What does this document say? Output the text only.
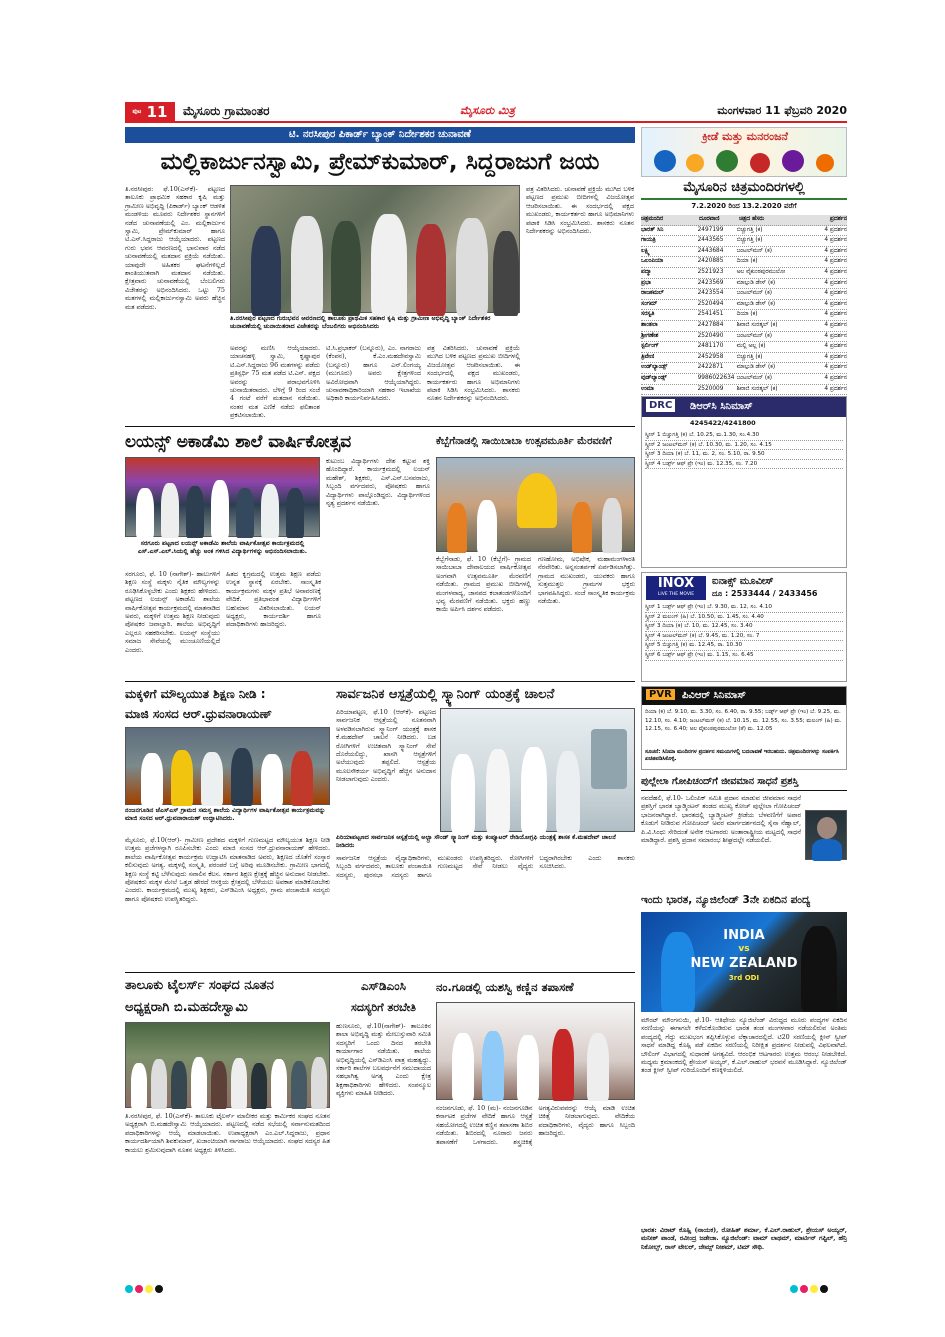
$^{ಪುಟ}$ 11	ಮೈಸೂರು ಗ್ರಾಮಾಂತರ	ಮೈಸೂರು ಮಿತ್ರ	ಮಂಗಳವಾರ 11 ಫೆಬ್ರವರಿ 2020
ಟಿ. ನರಸೀಪುರ ಪಿಕಾರ್ಡ್ ಬ್ಯಾಂಕ್ ನಿರ್ದೇಶಕರ ಚುನಾವಣೆ
ಮಲ್ಲಿಕಾರ್ಜುನಸ್ವಾಮಿ, ಪ್ರೇಮ್‌ಕುಮಾರ್, ಸಿದ್ದರಾಜುಗೆ ಜಯ
ತಿ.ನರಸೀಪುರ: ಫೆ.10(ಎಸ್‌ಕೆ)- ಪಟ್ಟಣದ ತಾಲೂಕು ಪ್ರಾಥಮಿಕ ಸಹಕಾರ ಕೃಷಿ ಮತ್ತು ಗ್ರಾಮೀಣ ಅಭಿವೃದ್ಧಿ (ಪಿಕಾರ್ಡ್) ಬ್ಯಾಂಕ್ ಆಡಳಿತ ಮಂಡಳಿಯ ಮೂವರು ನಿರ್ದೇಶಕರ ಸ್ಥಾನಗಳಿಗೆ ನಡೆದ ಚುನಾವಣೆಯಲ್ಲಿ ಎಂ. ಮಲ್ಲಿಕಾರ್ಜುನ ಸ್ವಾಮಿ, ಪ್ರೇಮ್‌ಕುಮಾರ್ ಹಾಗೂ ಟಿ.ಎಸ್.ಸಿದ್ದರಾಜು ಆಯ್ಕೆಯಾದರು. ಪಟ್ಟಣದ ಗುರು ಭವನ ಆವರಣದಲ್ಲಿ ಭಾನುವಾರ ನಡೆದ ಚುನಾವಣೆಯಲ್ಲಿ ಮತದಾನ ಪ್ರಕ್ರಿಯೆ ನಡೆಯಿತು. ಯಾವುದೇ ಅಹಿತಕರ ಘಟನೆಗಳಿಲ್ಲದೆ ಶಾಂತಿಯುತವಾಗಿ ಮತದಾನ ನಡೆಯಿತು. ಕ್ಷೇತ್ರವಾರು ಚುನಾವಣೆಯಲ್ಲಿ ಬೆಂಬಲಿಗರು ವಿಜೇತರನ್ನು ಅಭಿನಂದಿಸಿದರು. ಒಟ್ಟು 75 ಮತಗಳಲ್ಲಿ ಮಲ್ಲಿಕಾರ್ಜುನಸ್ವಾಮಿ ಅವರು ಹೆಚ್ಚಿನ ಮತ ಪಡೆದರು.
ತಿ.ನರಸೀಪುರ ಪಟ್ಟಣದ ಗುರುಭವನ ಆವರಣದಲ್ಲಿ ತಾಲೂಕು ಪ್ರಾಥಮಿಕ ಸಹಕಾರ ಕೃಷಿ ಮತ್ತು ಗ್ರಾಮೀಣ ಅಭಿವೃದ್ಧಿ ಬ್ಯಾಂಕ್ ನಿರ್ದೇಶಕರ ಚುನಾವಣೆಯಲ್ಲಿ ಚುನಾಯಿತರಾದ ವಿಜೇತರನ್ನು ಬೆಂಬಲಿಗರು ಅಭಿನಂದಿಸಿದರು
ಅವರನ್ನು ಮಣಿಸಿ ಆಯ್ಕೆಯಾದರು. ಯಾಚನಹಳ್ಳಿ ಸ್ವಾಮಿ, ಕೃಷ್ಣಾಪುರ ಟಿ.ಎಸ್.ಸಿದ್ದರಾಜು 96 ಮತಗಳನ್ನು ಪಡೆದು ಪ್ರತಿಸ್ಪರ್ಧಿ 75 ಮತ ಪಡೆದ ಟಿ.ಎಸ್. ಪಕ್ಷದ ಅವರನ್ನು ಪರಾಭವಗೊಳಿಸಿ ಚುನಾಯಿತರಾದರು. ಬೆಳಿಗ್ಗೆ 9 ರಿಂದ ಸಂಜೆ 4 ಗಂಟೆ ವರೆಗೆ ಮತದಾನ ನಡೆಯಿತು. ನಂತರ ಮತ ಎಣಿಕೆ ನಡೆದು ಫಲಿತಾಂಶ ಪ್ರಕಟಿಸಲಾಯಿತು.
ಟಿ.ಸಿ.ಪ್ರಭಾಕರ್ (ಬನ್ನೂರು), ಎಂ. ನಾಗರಾಜು (ಕೆಂಪನ), ಕೆ.ಎಂ.ಮಹದೇವಸ್ವಾಮಿ (ಬನ್ನೂರು) ಹಾಗೂ ಎನ್.ಲಿಂಗಯ್ಯ (ಮುಗೂರು) ಅವರು ಕ್ಷೇತ್ರಗಳಿಂದ ಅವಿರೋಧವಾಗಿ ಆಯ್ಕೆಯಾಗಿದ್ದರು. ಚುನಾವಣಾಧಿಕಾರಿಯಾಗಿ ಸಹಕಾರ ಇಲಾಖೆಯ ಅಧಿಕಾರಿ ಕಾರ್ಯನಿರ್ವಹಿಸಿದರು.
ಪತ್ರ ವಿತರಿಸಿದರು. ಚುನಾವಣೆ ಪ್ರಕ್ರಿಯೆ ಮುಗಿದ ಬಳಿಕ ಪಟ್ಟಣದ ಪ್ರಮುಖ ಬೀದಿಗಳಲ್ಲಿ ವಿಜಯೋತ್ಸವ ಆಚರಿಸಲಾಯಿತು. ಈ ಸಂದರ್ಭದಲ್ಲಿ ಪಕ್ಷದ ಮುಖಂಡರು, ಕಾರ್ಯಕರ್ತರು ಹಾಗೂ ಅಭಿಮಾನಿಗಳು ಪಟಾಕಿ ಸಿಡಿಸಿ ಸಂಭ್ರಮಿಸಿದರು. ಶಾಸಕರು ನೂತನ ನಿರ್ದೇಶಕರನ್ನು ಅಭಿನಂದಿಸಿದರು.
ಪತ್ರ ವಿತರಿಸಿದರು. ಚುನಾವಣೆ ಪ್ರಕ್ರಿಯೆ ಮುಗಿದ ಬಳಿಕ ಪಟ್ಟಣದ ಪ್ರಮುಖ ಬೀದಿಗಳಲ್ಲಿ ವಿಜಯೋತ್ಸವ ಆಚರಿಸಲಾಯಿತು. ಈ ಸಂದರ್ಭದಲ್ಲಿ ಪಕ್ಷದ ಮುಖಂಡರು, ಕಾರ್ಯಕರ್ತರು ಹಾಗೂ ಅಭಿಮಾನಿಗಳು ಪಟಾಕಿ ಸಿಡಿಸಿ ಸಂಭ್ರಮಿಸಿದರು. ಶಾಸಕರು ನೂತನ ನಿರ್ದೇಶಕರನ್ನು ಅಭಿನಂದಿಸಿದರು.
ಲಯನ್ಸ್ ಅಕಾಡೆಮಿ ಶಾಲೆ ವಾರ್ಷಿಕೋತ್ಸವ
ಸರಗೂರು ಪಟ್ಟಣದ ಲಯನ್ಸ್ ಅಕಾಡೆಮಿ ಶಾಲೆಯ ವಾರ್ಷಿಕೋತ್ಸವ ಕಾರ್ಯಕ್ರಮದಲ್ಲಿ ಎಸ್.ಎಸ್.ಎಲ್.ಸಿಯಲ್ಲಿ ಹೆಚ್ಚು ಅಂಕ ಗಳಿಸಿದ ವಿದ್ಯಾರ್ಥಿಗಳನ್ನು ಅಭಿನಂದಿಸಲಾಯಿತು.
ಸರಗೂರು, ಫೆ. 10 (ನಾಗೇಶ್)- ಹಾಲುಗಳಿಗೆ ಶಿಕ್ಷಣ ಸಂಸ್ಥೆ ಮಕ್ಕಳು ನೈತಿಕ ಮೌಲ್ಯಗಳನ್ನು ರೂಢಿಸಿಕೊಳ್ಳಬೇಕು ಎಂದು ಶಿಕ್ಷಕರು ಹೇಳಿದರು. ಪಟ್ಟಣದ ಲಯನ್ಸ್ ಅಕಾಡೆಮಿ ಶಾಲೆಯ ವಾರ್ಷಿಕೋತ್ಸವ ಕಾರ್ಯಕ್ರಮದಲ್ಲಿ ಮಾತನಾಡಿದ ಅವರು, ಮಕ್ಕಳಿಗೆ ಉತ್ತಮ ಶಿಕ್ಷಣ ನೀಡುವುದು ಪೋಷಕರ ಜವಾಬ್ದಾರಿ. ಶಾಲೆಯ ಅಭಿವೃದ್ಧಿಗೆ ಎಲ್ಲರೂ ಸಹಕರಿಸಬೇಕು. ಲಯನ್ಸ್ ಸಂಸ್ಥೆಯು ಸಮಾಜ ಸೇವೆಯಲ್ಲಿ ಮುಂಚೂಣಿಯಲ್ಲಿದೆ ಎಂದರು.
ಹಿತದ ಕೃಗ್ರಮದಲ್ಲಿ ಉತ್ತಮ ಶಿಕ್ಷಣ ಪಡೆದು ಉನ್ನತ ಸ್ಥಾನಕ್ಕೆ ಏರಬೇಕು. ಸಾಂಸ್ಕೃತಿಕ ಕಾರ್ಯಕ್ರಮಗಳು ಮಕ್ಕಳ ಪ್ರತಿಭೆ ಅನಾವರಣಕ್ಕೆ ವೇದಿಕೆ. ಪ್ರತಿಭಾವಂತ ವಿದ್ಯಾರ್ಥಿಗಳಿಗೆ ಬಹುಮಾನ ವಿತರಿಸಲಾಯಿತು. ಲಯನ್ ಅಧ್ಯಕ್ಷರು, ಕಾರ್ಯದರ್ಶಿ ಹಾಗೂ ಪದಾಧಿಕಾರಿಗಳು ಹಾಜರಿದ್ದರು.
ಕುಟುಂಬ ವಿದ್ಯಾರ್ಥಿಗಳು ದೇಶ ಕಟ್ಟುವ ಶಕ್ತಿ ಹೊಂದಿದ್ದಾರೆ. ಕಾರ್ಯಕ್ರಮದಲ್ಲಿ ಲಯನ್ ಮಹೇಶ್, ಶಿಕ್ಷಕರು, ಎಸ್.ಎನ್.ಬಸವರಾಜು, ಸಿಬ್ಬಂದಿ ವರ್ಗದವರು, ಪೋಷಕರು ಹಾಗೂ ವಿದ್ಯಾರ್ಥಿಗಳು ಪಾಲ್ಗೊಂಡಿದ್ದರು. ವಿದ್ಯಾರ್ಥಿಗಳಿಂದ ನೃತ್ಯ ಪ್ರದರ್ಶನ ನಡೆಯಿತು.
ಕೆಬ್ಬೆಗೆನಾಡಲ್ಲಿ ಸಾಯಿಬಾಬಾ ಉತ್ಸವಮೂರ್ತಿ ಮೆರವಣಿಗೆ
ಕೆಬ್ಬೆಗೆನಾಡು, ಫೆ. 10 (ಕೆಬ್ಬೆಗೆ)- ಗ್ರಾಮದ ಸಾಯಿಬಾಬಾ ದೇವಾಲಯದ ವಾರ್ಷಿಕೋತ್ಸವ ಅಂಗವಾಗಿ ಉತ್ಸವಮೂರ್ತಿ ಮೆರವಣಿಗೆ ನಡೆಯಿತು. ಗ್ರಾಮದ ಪ್ರಮುಖ ಬೀದಿಗಳಲ್ಲಿ ಮಂಗಳವಾದ್ಯ, ಜಾನಪದ ಕಲಾತಂಡಗಳೊಂದಿಗೆ ಭವ್ಯ ಮೆರವಣಿಗೆ ನಡೆಯಿತು. ಭಕ್ತರು ಹಣ್ಣು ಕಾಯಿ ಅರ್ಪಿಸಿ ದರ್ಶನ ಪಡೆದರು.
ಗಣಹೋಮ, ಅಭಿಷೇಕ, ಮಹಾಮಂಗಳಾರತಿ ನೆರವೇರಿತು. ಅನ್ನಸಂತರ್ಪಣೆ ಏರ್ಪಡಿಸಲಾಗಿತ್ತು. ಗ್ರಾಮದ ಮುಖಂಡರು, ಯುವಕರು ಹಾಗೂ ಸುತ್ತಮುತ್ತಲ ಗ್ರಾಮಗಳ ಭಕ್ತರು ಭಾಗವಹಿಸಿದ್ದರು. ಸಂಜೆ ಸಾಂಸ್ಕೃತಿಕ ಕಾರ್ಯಕ್ರಮ ನಡೆಯಿತು.
ಮಕ್ಕಳಿಗೆ ಮೌಲ್ಯಯುತ ಶಿಕ್ಷಣ ನೀಡಿ :
ಮಾಜಿ ಸಂಸದ ಆರ್.ಧ್ರುವನಾರಾಯಣ್
ನಂಜನಗೂಡಿನ ಜೆಎಸ್‌ಎಸ್ ಗ್ರಾಮದ ಸಮಸ್ತ ಶಾಲೆಯ ವಿದ್ಯಾರ್ಥಿಗಳ ವಾರ್ಷಿಕೋತ್ಸವ ಕಾರ್ಯಕ್ರಮವನ್ನು ಮಾಜಿ ಸಂಸದ ಆರ್.ಧ್ರುವನಾರಾಯಣ್ ಉದ್ಘಾಟಿಸಿದರು.
ಮೈಸೂರು, ಫೆ.10(ಆರ್)- ಗ್ರಾಮೀಣ ಪ್ರದೇಶದ ಮಕ್ಕಳಿಗೆ ಗುಣಮಟ್ಟದ ಮೌಲ್ಯಯುತ ಶಿಕ್ಷಣ ನೀಡಿ ಉತ್ತಮ ಪ್ರಜೆಗಳನ್ನಾಗಿ ರೂಪಿಸಬೇಕು ಎಂದು ಮಾಜಿ ಸಂಸದ ಆರ್.ಧ್ರುವನಾರಾಯಣ್ ಹೇಳಿದರು. ಶಾಲೆಯ ವಾರ್ಷಿಕೋತ್ಸವ ಕಾರ್ಯಕ್ರಮ ಉದ್ಘಾಟಿಸಿ ಮಾತನಾಡಿದ ಅವರು, ಶಿಕ್ಷಣದ ಜೊತೆಗೆ ಸಂಸ್ಕಾರ ಕಲಿಸುವುದು ಅಗತ್ಯ. ಮಕ್ಕಳಲ್ಲಿ ಸಂಸ್ಕೃತಿ, ಪರಂಪರೆ ಬಗ್ಗೆ ಅರಿವು ಮೂಡಿಸಬೇಕು. ಗ್ರಾಮೀಣ ಭಾಗದಲ್ಲಿ ಶಿಕ್ಷಣ ಸಂಸ್ಥೆ ಕಟ್ಟಿ ಬೆಳೆಸುವುದು ಸವಾಲಿನ ಕೆಲಸ. ಸರ್ಕಾರ ಶಿಕ್ಷಣ ಕ್ಷೇತ್ರಕ್ಕೆ ಹೆಚ್ಚಿನ ಅನುದಾನ ನೀಡಬೇಕು. ಪೋಷಕರು ಮಕ್ಕಳ ಮೇಲೆ ಒತ್ತಡ ಹೇರದೆ ಆಸಕ್ತಿಯ ಕ್ಷೇತ್ರದಲ್ಲಿ ಬೆಳೆಯಲು ಅವಕಾಶ ಮಾಡಿಕೊಡಬೇಕು ಎಂದರು. ಕಾರ್ಯಕ್ರಮದಲ್ಲಿ ಮುಖ್ಯ ಶಿಕ್ಷಕರು, ಎಸ್‌ಡಿಎಂಸಿ ಅಧ್ಯಕ್ಷರು, ಗ್ರಾಮ ಪಂಚಾಯಿತಿ ಸದಸ್ಯರು ಹಾಗೂ ಪೋಷಕರು ಉಪಸ್ಥಿತರಿದ್ದರು.
ಸಾರ್ವಜನಿಕ ಆಸ್ಪತ್ರೆಯಲ್ಲಿ ಸ್ಕ್ಯಾನಿಂಗ್ ಯಂತ್ರಕ್ಕೆ ಚಾಲನೆ
ಪಿರಿಯಾಪಟ್ಟಣ, ಫೆ.10 (ಆರ್‌ಕೆ)- ಪಟ್ಟಣದ ಸಾರ್ವಜನಿಕ ಆಸ್ಪತ್ರೆಯಲ್ಲಿ ನೂತನವಾಗಿ ಅಳವಡಿಸಲಾಗಿರುವ ಸ್ಕ್ಯಾನಿಂಗ್ ಯಂತ್ರಕ್ಕೆ ಶಾಸಕ ಕೆ.ಮಹದೇವ್ ಚಾಲನೆ ನೀಡಿದರು. ಬಡ ರೋಗಿಗಳಿಗೆ ಉಚಿತವಾಗಿ ಸ್ಕ್ಯಾನಿಂಗ್ ಸೇವೆ ದೊರೆಯಲಿದ್ದು, ಖಾಸಗಿ ಆಸ್ಪತ್ರೆಗಳಿಗೆ ಅಲೆಯುವುದು ತಪ್ಪಲಿದೆ. ಆಸ್ಪತ್ರೆಯ ಮೂಲಸೌಕರ್ಯ ಅಭಿವೃದ್ಧಿಗೆ ಹೆಚ್ಚಿನ ಅನುದಾನ ನೀಡಲಾಗುವುದು ಎಂದರು.
ಪಿರಿಯಾಪಟ್ಟಣದ ಸಾರ್ವಜನಿಕ ಆಸ್ಪತ್ರೆಯಲ್ಲಿ ಅಲ್ಟ್ರಾ ಸೌಂಡ್ ಸ್ಕ್ಯಾನಿಂಗ್ ಮತ್ತು ಕಂಪ್ಯೂಟರ್ ರೇಡಿಯೋಗ್ರಫಿ ಯಂತ್ರಕ್ಕೆ ಶಾಸಕ ಕೆ.ಮಹದೇವ್ ಚಾಲನೆ ನೀಡಿದರು
ಸಾರ್ವಜನಿಕ ಆಸ್ಪತ್ರೆಯ ವೈದ್ಯಾಧಿಕಾರಿಗಳು, ಸಿಬ್ಬಂದಿ ವರ್ಗದವರು, ತಾಲೂಕು ಪಂಚಾಯಿತಿ ಸದಸ್ಯರು, ಪುರಸಭಾ ಸದಸ್ಯರು ಹಾಗೂ ಮುಖಂಡರು ಉಪಸ್ಥಿತರಿದ್ದರು. ರೋಗಿಗಳಿಗೆ ಗುಣಮಟ್ಟದ ಸೇವೆ ನೀಡಲು ವೈದ್ಯರು ಬದ್ಧರಾಗಿರಬೇಕು ಎಂದು ಶಾಸಕರು ಸೂಚಿಸಿದರು.
ತಾಲೂಕು ಟೈಲರ್ಸ್ ಸಂಘದ ನೂತನ
ಅಧ್ಯಕ್ಷರಾಗಿ ಬಿ.ಮಹದೇಸ್ವಾಮಿ
ತಿ.ನರಸೀಪುರ, ಫೆ. 10(ಎಸ್‌ಕೆ)- ತಾಲೂಕು ಟೈಲರ್ಸ್ ಮಾಲೀಕರ ಮತ್ತು ಕಾರ್ಮಿಕರ ಸಂಘದ ನೂತನ ಅಧ್ಯಕ್ಷರಾಗಿ ಬಿ.ಮಹದೇಸ್ವಾಮಿ ಆಯ್ಕೆಯಾದರು. ಪಟ್ಟಣದಲ್ಲಿ ನಡೆದ ಸಭೆಯಲ್ಲಿ ಸರ್ವಾನುಮತದಿಂದ ಪದಾಧಿಕಾರಿಗಳನ್ನು ಆಯ್ಕೆ ಮಾಡಲಾಯಿತು. ಉಪಾಧ್ಯಕ್ಷರಾಗಿ ಎಂ.ಎಲ್.ಸಿದ್ದರಾಜು, ಪ್ರಧಾನ ಕಾರ್ಯದರ್ಶಿಯಾಗಿ ಶಿವಕುಮಾರ್, ಖಜಾಂಚಿಯಾಗಿ ನಾಗರಾಜು ಆಯ್ಕೆಯಾದರು. ಸಂಘದ ಸದಸ್ಯರ ಹಿತ ಕಾಯಲು ಶ್ರಮಿಸುವುದಾಗಿ ನೂತನ ಅಧ್ಯಕ್ಷರು ತಿಳಿಸಿದರು.
ಎಸ್‌ಡಿಎಂಸಿ
ಸದಸ್ಯರಿಗೆ ತರಬೇತಿ
ಹುಣಸೂರು, ಫೆ.10(ನಾಗೇಶ್)- ತಾಲೂಕಿನ ಶಾಲಾ ಅಭಿವೃದ್ಧಿ ಮತ್ತು ಮೇಲುಸ್ತುವಾರಿ ಸಮಿತಿ ಸದಸ್ಯರಿಗೆ ಒಂದು ದಿನದ ತರಬೇತಿ ಕಾರ್ಯಾಗಾರ ನಡೆಯಿತು. ಶಾಲೆಯ ಅಭಿವೃದ್ಧಿಯಲ್ಲಿ ಎಸ್‌ಡಿಎಂಸಿ ಪಾತ್ರ ಮಹತ್ವದ್ದು. ಸರ್ಕಾರಿ ಶಾಲೆಗಳ ಬಲವರ್ಧನೆಗೆ ಸಮುದಾಯದ ಸಹಭಾಗಿತ್ವ ಅಗತ್ಯ ಎಂದು ಕ್ಷೇತ್ರ ಶಿಕ್ಷಣಾಧಿಕಾರಿಗಳು ಹೇಳಿದರು. ಸಂಪನ್ಮೂಲ ವ್ಯಕ್ತಿಗಳು ಮಾಹಿತಿ ನೀಡಿದರು.
ನಂ.ಗೂಡಲ್ಲಿ ಯಶಸ್ವಿ ಕಣ್ಣಿನ ತಪಾಸಣೆ
ನಂಜನಗೂಡು, ಫೆ. 10 (ಮ)- ನಂಜನಗೂಡಿನ ಕರ್ನಾಟಕ ಪ್ರಜೆಗಳ ವೇದಿಕೆ ಹಾಗೂ ಆಸ್ಪತ್ರೆ ಸಹಯೋಗದಲ್ಲಿ ಉಚಿತ ಕಣ್ಣಿನ ತಪಾಸಣಾ ಶಿಬಿರ ನಡೆಯಿತು. ಶಿಬಿರದಲ್ಲಿ ನೂರಾರು ಜನರು ತಪಾಸಣೆಗೆ ಒಳಗಾದರು. ಶಸ್ತ್ರಚಿಕಿತ್ಸೆ ಅಗತ್ಯವಿರುವವರನ್ನು ಆಯ್ಕೆ ಮಾಡಿ ಉಚಿತ ಚಿಕಿತ್ಸೆ ನೀಡಲಾಗುವುದು. ವೇದಿಕೆಯ ಪದಾಧಿಕಾರಿಗಳು, ವೈದ್ಯರು ಹಾಗೂ ಸಿಬ್ಬಂದಿ ಹಾಜರಿದ್ದರು.
ಕ್ರೀಡೆ ಮತ್ತು ಮನರಂಜನೆ
ಮೈಸೂರಿನ ಚಿತ್ರಮಂದಿರಗಳಲ್ಲಿ
7.2.2020 ರಿಂದ 13.2.2020 ವರೆಗೆ
ಚಿತ್ರಮಂದಿರ	ದೂರವಾಣಿ	ಚಿತ್ರದ ಹೆಸರು	ಪ್ರದರ್ಶನ
ಭಾರತ್ ಸಿನಿ	2497199	ಬಿಚ್ಚುಗತ್ತಿ (ಕ)	4 ಪ್ರದರ್ಶನ
ಗಾಯತ್ರಿ	2443565	ಬಿಚ್ಚುಗತ್ತಿ (ಕ)	4 ಪ್ರದರ್ಶನ
ಲಕ್ಷ್ಮಿ	2443684	ಜಂಟಲ್‌ಮನ್ (ಕ)	4 ಪ್ರದರ್ಶನ
ಒಲಂಪಿಯಾ	2420885	ದಿಯಾ (ಕ)	4 ಪ್ರದರ್ಶನ
ಪದ್ಮಾ	2521923	ಅಲ ವೈಕುಂಠಪುರಮುಲೋ	4 ಪ್ರದರ್ಶನ
ಪ್ರಭಾ	2423569	ಮಾಲ್ಗುಡಿ ಡೇಸ್ (ಕ)	4 ಪ್ರದರ್ಶನ
ರಾಜಕಮಲ್	2423554	ಜಂಟಲ್‌ಮನ್ (ಕ)	4 ಪ್ರದರ್ಶನ
ಸಂಗಮ್	2520494	ಮಾಲ್ಗುಡಿ ಡೇಸ್ (ಕ)	4 ಪ್ರದರ್ಶನ
ಸರಸ್ವತಿ	2541451	ದಿಯಾ (ಕ)	4 ಪ್ರದರ್ಶನ
ಶಾಂತಲಾ	2427884	ಶಿವಾಜಿ ಸುರತ್ಕಲ್ (ಕ)	4 ಪ್ರದರ್ಶನ
ಶ್ರೀಗಣೇಶ	2520490	ಜಂಟಲ್‌ಮನ್ (ಕ)	4 ಪ್ರದರ್ಶನ
ಸ್ಟರ್ಲಿಂಗ್	2481170	ಮಲ್ಲಿ ಅಲ್ಲ (ಕ)	4 ಪ್ರದರ್ಶನ
ತ್ರಿವೇಣಿ	2452958	ಬಿಚ್ಚುಗತ್ತಿ (ಕ)	4 ಪ್ರದರ್ಶನ
ಉಡ್‌ಲ್ಯಾಂಡ್ಸ್	2422871	ಮಾಲ್ಗುಡಿ ಡೇಸ್ (ಕ)	4 ಪ್ರದರ್ಶನ
ವುಡ್‌ಲ್ಯಾಂಡ್ಸ್	9986022634 ಜಂಟಲ್‌ಮನ್ (ಕ)	4 ಪ್ರದರ್ಶನ
ಉಮಾ	2520009	ಶಿವಾಜಿ ಸುರತ್ಕಲ್ (ಕ)	4 ಪ್ರದರ್ಶನ
DRC	ಡಿಆರ್‌ಸಿ ಸಿನಿಮಾಸ್
4245422/4241800
ಸ್ಕ್ರೀನ್ 1 ಬಿಚ್ಚುಗತ್ತಿ (ಕ) ಬೆ. 10.25, ಮ.1.30, ಸಂ.4.30
ಸ್ಕ್ರೀನ್ 2 ಜಂಟಲ್‌ಮನ್ (ಕ) ಬೆ. 10.30, ಮ. 1.20, ಸಂ. 4.15
ಸ್ಕ್ರೀನ್ 3 ದಿಯಾ (ಕ) ಬೆ. 11, ಮ. 2, ಸಂ. 5.10, ರಾ. 9.50
ಸ್ಕ್ರೀನ್ 4 ಬರ್ಡ್ಸ್ ಆಫ್ ಪ್ರೇ (ಇಂ) ಮ. 12.35, ಸಂ. 7.20
INOX
LIVE THE MOVIE
ಐನಾಕ್ಸ್ ಮೂವೀಸ್
ದೂ : 2533444 / 2433456
ಸ್ಕ್ರೀನ್ 1 ಬರ್ಡ್ಸ್ ಆಫ್ ಪ್ರೇ (ಇಂ) ಬೆ. 9.30, ಮ. 12, ಸಂ. 4.10
ಸ್ಕ್ರೀನ್ 2 ಮಲಂಗ್ (ಹಿ) ಬೆ. 10.50, ಮ. 1.45, ಸಂ. 4.40
ಸ್ಕ್ರೀನ್ 3 ದಿಯಾ (ಕ) ಬೆ. 10, ಮ. 12.45, ಸಂ. 3.40
ಸ್ಕ್ರೀನ್ 4 ಜಂಟಲ್‌ಮನ್ (ಕ) ಬೆ. 9.45, ಮ. 1.20, ಸಂ. 7
ಸ್ಕ್ರೀನ್ 5 ಬಿಚ್ಚುಗತ್ತಿ (ಕ) ಮ. 12.45, ರಾ. 10.30
ಸ್ಕ್ರೀನ್ 6 ಬರ್ಡ್ಸ್ ಆಫ್ ಪ್ರೇ (ಇಂ) ಮ. 1.15, ಸಂ. 6.45
PVR	ಪಿವಿಆರ್ ಸಿನಿಮಾಸ್
ದಿಯಾ (ಕ) ಬೆ. 9.10, ಮ. 3.30, ಸಂ. 6.40, ರಾ. 9.55; ಬರ್ಡ್ಸ್ ಆಫ್ ಪ್ರೇ (ಇಂ) ಬೆ. 9.25, ಮ. 12.10, ಸಂ. 4.10; ಜಂಟಲ್‌ಮನ್ (ಕ) ಬೆ. 10.15, ಮ. 12.55, ಸಂ. 3.55; ಮಲಂಗ್ (ಹಿ) ಮ. 12.15, ಸಂ. 6.40; ಅಲ ವೈಕುಂಠಪುರಮುಲೋ (ತೆ) ಮ. 12.05
ಸೂಚನೆ: ಸಿನಿಮಾ ಮಂದಿರಗಳ ಪ್ರದರ್ಶನ ಸಮಯಗಳಲ್ಲಿ ಬದಲಾವಣೆ ಇರಬಹುದು. ಚಿತ್ರಮಂದಿರಗಳನ್ನು ಸಂಪರ್ಕಿಸಿ ಖಚಿತಪಡಿಸಿಕೊಳ್ಳಿ.
ಪುಲ್ಲೇಲಾ ಗೋಪಿಚಂದ್‌ಗೆ ಜೀವಮಾನ ಸಾಧನೆ ಪ್ರಶಸ್ತಿ
ನವದೆಹಲಿ, ಫೆ.10- ಒಲಿಂಪಿಕ್ ಸಮಿತಿ ಪ್ರದಾನ ಮಾಡುವ ಜೀವಮಾನ ಸಾಧನೆ ಪ್ರಶಸ್ತಿಗೆ ಭಾರತ ಬ್ಯಾಡ್ಮಿಂಟನ್ ತಂಡದ ಮುಖ್ಯ ಕೋಚ್ ಪುಲ್ಲೇಲಾ ಗೋಪಿಚಂದ್ ಭಾಜನರಾಗಿದ್ದಾರೆ. ಭಾರತದಲ್ಲಿ ಬ್ಯಾಡ್ಮಿಂಟನ್ ಕ್ರೀಡೆಯ ಬೆಳವಣಿಗೆಗೆ ಅಪಾರ ಕೊಡುಗೆ ನೀಡಿರುವ ಗೋಪಿಚಂದ್ ಅವರ ಮಾರ್ಗದರ್ಶನದಲ್ಲಿ ಸೈನಾ ನೆಹ್ವಾಲ್, ಪಿ.ವಿ.ಸಿಂಧು ಸೇರಿದಂತೆ ಅನೇಕ ಆಟಗಾರರು ಅಂತಾರಾಷ್ಟ್ರೀಯ ಮಟ್ಟದಲ್ಲಿ ಸಾಧನೆ ಮಾಡಿದ್ದಾರೆ. ಪ್ರಶಸ್ತಿ ಪ್ರದಾನ ಸಮಾರಂಭ ಶೀಘ್ರದಲ್ಲೇ ನಡೆಯಲಿದೆ.
ಇಂದು ಭಾರತ, ನ್ಯೂಜಿಲೆಂಡ್ 3ನೇ ಏಕದಿನ ಪಂದ್ಯ
INDIA
vs
NEW ZEALAND
3rd ODI
ಮೌಂಟ್ ಮೌಂಗನುಯಿ, ಫೆ.10- ಆತಿಥೇಯ ನ್ಯೂಜಿಲೆಂಡ್ ವಿರುದ್ಧದ ಮೂರು ಪಂದ್ಯಗಳ ಏಕದಿನ ಸರಣಿಯನ್ನು ಈಗಾಗಲೇ ಕಳೆದುಕೊಂಡಿರುವ ಭಾರತ ತಂಡ ಮಂಗಳವಾರ ನಡೆಯಲಿರುವ ಅಂತಿಮ ಪಂದ್ಯದಲ್ಲಿ ಗೆದ್ದು ಮುಖಭಂಗ ತಪ್ಪಿಸಿಕೊಳ್ಳುವ ಲೆಕ್ಕಾಚಾರದಲ್ಲಿದೆ. ಟಿ20 ಸರಣಿಯಲ್ಲಿ ಕ್ಲೀನ್ ಸ್ವೀಪ್ ಸಾಧನೆ ಮಾಡಿದ್ದ ಕೊಹ್ಲಿ ಪಡೆ ಏಕದಿನ ಸರಣಿಯಲ್ಲಿ ನಿರೀಕ್ಷಿತ ಪ್ರದರ್ಶನ ನೀಡುವಲ್ಲಿ ವಿಫಲವಾಗಿದೆ. ಬೌಲಿಂಗ್ ವಿಭಾಗದಲ್ಲಿ ಸುಧಾರಣೆ ಅಗತ್ಯವಿದೆ. ಆರಂಭಿಕ ಆಟಗಾರರು ಉತ್ತಮ ಆರಂಭ ನೀಡಬೇಕಿದೆ. ಮಧ್ಯಮ ಕ್ರಮಾಂಕದಲ್ಲಿ ಶ್ರೇಯಸ್ ಅಯ್ಯರ್, ಕೆ.ಎಲ್.ರಾಹುಲ್ ಭರವಸೆ ಮೂಡಿಸಿದ್ದಾರೆ. ನ್ಯೂಜಿಲೆಂಡ್ ತಂಡ ಕ್ಲೀನ್ ಸ್ವೀಪ್ ಗುರಿಯೊಂದಿಗೆ ಕಣಕ್ಕಿಳಿಯಲಿದೆ.
ಭಾರತ: ವಿರಾಟ್ ಕೊಹ್ಲಿ (ನಾಯಕ), ರೋಹಿತ್ ಶರ್ಮಾ, ಕೆ.ಎಲ್.ರಾಹುಲ್, ಶ್ರೇಯಸ್ ಅಯ್ಯರ್, ಮನೀಶ್ ಪಾಂಡೆ, ರವೀಂದ್ರ ಜಡೇಜಾ. ನ್ಯೂಜಿಲೆಂಡ್: ಟಾಮ್ ಲಾಥಮ್, ಮಾರ್ಟಿನ್ ಗಪ್ಟಿಲ್, ಹೆನ್ರಿ ನಿಕೋಲ್ಸ್, ರಾಸ್ ಟೇಲರ್, ಜೇಮ್ಸ್ ನೀಶಮ್, ಟಿಮ್ ಸೌಥಿ.
